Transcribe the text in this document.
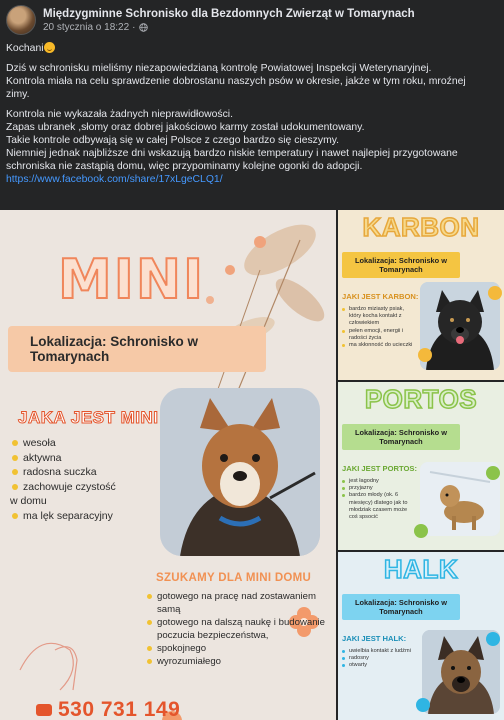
Międzygminne Schronisko dla Bezdomnych Zwierząt w Tomarynach
20 stycznia o 18:22 ·

Kochani

Dziś w schronisku mieliśmy niezapowiedzianą kontrolę Powiatowej Inspekcji Weterynaryjnej.

Kontrola miała na celu sprawdzenie dobrostanu naszych psów w okresie, jakże w tym roku, mroźnej

zimy.

Kontrola nie wykazała żadnych nieprawidłowości.

Zapas ubranek ,słomy oraz dobrej jakościowo karmy został udokumentowany.

Takie kontrole odbywają się w całej Polsce z czego bardzo się cieszymy.

Niemniej jednak najbliższe dni wskazują bardzo niskie temperatury i nawet najlepiej przygotowane

schroniska nie zastąpią domu, więc przypominamy kolejne ogonki do adopcji.

https://www.facebook.com/share/17xLgeCLQ1/

MINI
Lokalizacja: Schronisko w Tomarynach
JAKA JEST MINI
wesoła
aktywna
radosna suczka
zachowuje czystość
w domu
ma lęk separacyjny
SZUKAMY DLA MINI DOMU
gotowego na pracę nad zostawaniem samą
gotowego na dalszą naukę i budowanie poczucia bezpieczeństwa,
spokojnego
wyrozumiałego
530 731 149
KARBON
Lokalizacja: Schronisko w Tomarynach
JAKI JEST KARBON:
bardzo miziasty psiak, który kocha kontakt z człowiekiem
pełen emocji, energii i radości życia
ma skłonność do ucieczki
PORTOS
Lokalizacja: Schronisko w Tomarynach
JAKI JEST PORTOS:
jest łagodny
przyjazny
bardzo młody (ok. 6 miesięcy) dlatego jak to młodziak czasem może coś spsocić
HALK
Lokalizacja: Schronisko w Tomarynach
JAKI JEST HALK:
uwielbia kontakt z ludźmi
radosny
otwarty
